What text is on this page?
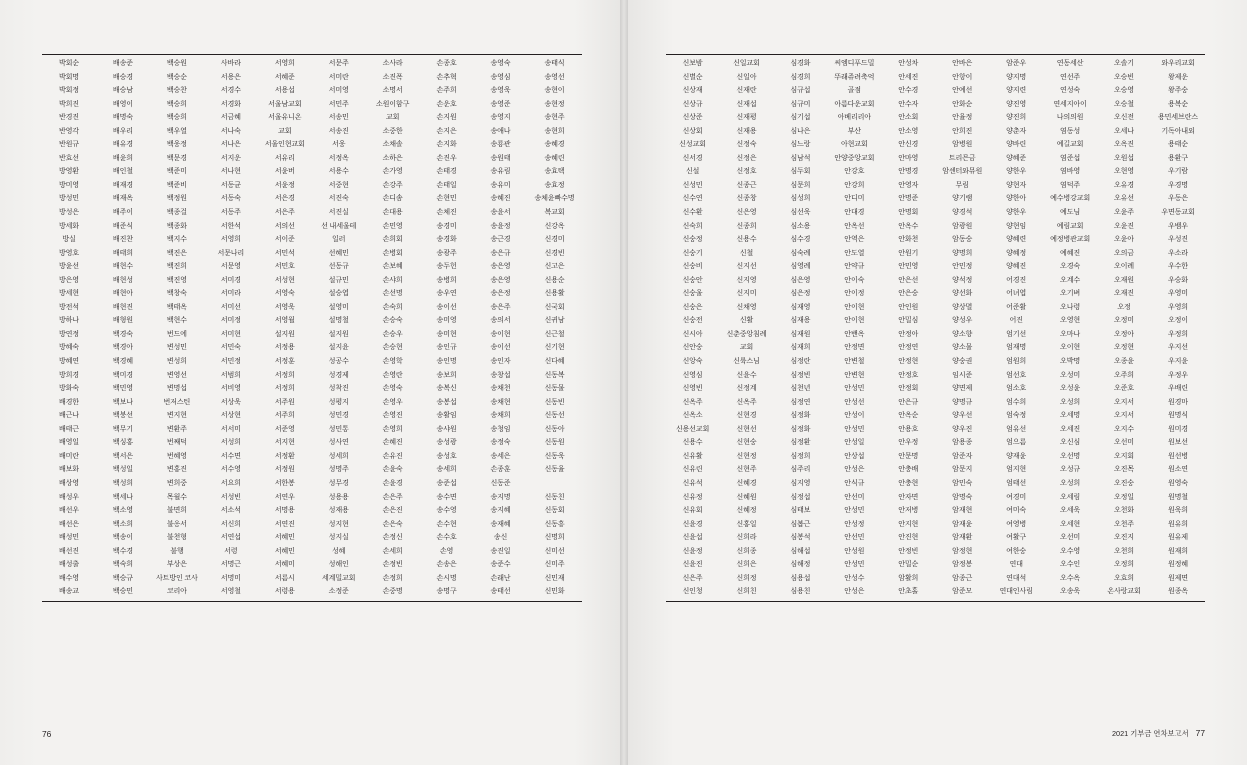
박회순	배송준	백승원	사바라	서영희	서문주	소사라	손종호	송영숙	송태식
박회명	배승경	백승순	서용은	서혜준	서미란	소진폭	손추혁	송영심	송영선
박회정	배승남	백승찬	서경수	서용섭	서미영	소명서	손주희	송영욱	송현이
박희진	배영이	백승희	서경화	서울남교회	서민주	소원이함구	손운호	송영준	송현정
반경진	배명숙	백승희	서금혜	서울유니온	서송민	교회	손지원	송영지	송현주
반영각	배우리	백우열	서나숙	교회	서송진	소중한	손지은	송애나	송현희
반원규	배유경	백웅정	서나은	서울인현교회	서웅	소채솔	손지화	송룡관	송혜경
반효선	배윤희	백문경	서지운	서유리	서정옥	소하은	손진우	송원태	송혜린
방영환	배인철	백준미	서나현	서윤버	서용수	손가영	손태경	송유림	송효택
방미영	배재경	백준비	서동균	서윤정	서중현	손강주	손태일	송유미	송효정
방성민	배재옥	백정원	서동숙	서은경	서진숙	손디솜	손현민	송혜진	송체윤빠수명
방성은	배주이	백종걸	서동주	서은주	서진실	손대용	손체진	송윤서	복교회
방세화	배준식	백종화	서한석	서의선	선 내세울테	손민영	송경미	송윤정	신강옥
방실	배진찬	백지수	서영희	서이준	일러	손희회	송경화	송근경	신경미
방영호	배태희	백진은	서문나리	서민석	선혜민	손병회	송광주	송은규	신경빈
방윤선	배현수	백진희	서문영	서민호	선동규	손보혜	송두헌	송은영	신고은
방은영	배현성	백진영	서미경	서성현	설규민	손샤희	송병희	송은영	신용순
방세현	배현아	백창숙	서미라	서영숙	설승엽	손선명	송우연	송은정	신용활
방전석	배현진	백태옥	서미선	서영욱	설영미	손숙희	송이선	송은주	신국회
방하나	배형원	백현수	서미정	서영월	설명철	손승숙	송미영	송의서	신귀남
방연정	백경숙	번드에	서미현	설지원	설지원	손승우	송미현	송이현	신근철
방혜숙	백경아	변성민	서민숙	서정용	설지윤	손승현	송인규	송이선	신기현
방혜연	백경혜	변성희	서민정	서정훈	성공수	손영학	송인명	송인자	신다혜
방희경	백미경	변영선	서범희	서정희	성경제	손영란	송보희	송창섭	신동복
방화숙	백민영	변명섭	서비영	서정희	성착진	손영숙	송복신	송채천	신동물
배경한	백보나	번저스틴	서상욱	서주원	성평지	손영우	송봉섭	송채현	신동빈
배근나	백붕선	변지현	서상현	서주희	성민경	손영진	송활임	송채희	신동선
배태근	백무기	변환주	서서미	서준영	성민통	손영희	송샤원	송청임	신동아
배영일	백싱홍	번째덕	서성희	서지현	성사연	손혜진	송성광	송정숙	신동원
배미란	백서은	번혜영	서수면	서정환	성세희	손유진	송성호	송세은	신동욱
배보화	백성일	변홍진	서수영	서정원	성명주	손윤숙	송세희	손종훈	신동율
배상영	백성희	변희중	서요희	서한봉	성무경	손윤경	송준섭	신동준	
배성우	백세나	목월수	서성빈	서연우	성용용	손은주	송수면	송지명	신동친
배선우	백소영	불면희	서소석	서명용	성재용	손은진	송수영	송지혜	신동회
배선은	백소희	불옹서	서신희	서연진	성지현	손은숙	손수현	송재혜	신동흥
배성민	백송이	불천형	서연섭	서혜민	성지실	손정신	손수호	송신	신명희
배선진	백수경	불행	서령	서혜민	성혜	손세희	손영	송진일	신미선
배성출	백숙희	부상은	서명근	서혜미	성해인	손정빈	손송은	송준수	신미주
배수영	백승규	사트방인 코사	서명미	서름시	세계밀교회	손정희	손시명	손래난	신민재
배송교	백승민	코리아	서영철	서령용	소정준	손중명	송명구	송태선	신민화
76
신보밤	신일교회	심경화	씨엠디푸드밀	안성차	안바은	암준우	연동세산	오솔기	와우리교회
신별순	신일아	심경희	뚜래쥬려축억	안세진	안항이	양지명	연선주	오승빈	왕제운
신상재	신재란	심규섭	골점	안수경	안예선	양지련	연성숙	오승영	왕주숭
신상규	신재섭	심규미	아름다운교회	안수자	안화순	양진영	연세지아이	오승철	용복순
신상준	신재평	심기섭	아베리리아	안소회	안율정	양진희	나의의원	오신전	용민세브란스
신상회	신재용	심나은	부산	안소영	안희진	양춘자	염동성	오세나	기독아내외
신성교회	신정숙	심느랑	아현교회	안신경	암병원	양바린	예길교회	오옥진	용태순
신서경	신정은	심남석	안양중앙교회	안마영	트리믄금	양혜준	염준섭	오원섭	용환구
신설	신정호	심두회	안강호	안명경	암센터와뮤원	양한우	염바영	오현영	우기람
신성민	신종근	심문희	안강희	안영자	무림	양현자	염덕주	오유경	우경명
신수연	신종창	심성희	안디미	안명준	양기램	양한아	예수병강교회	오유선	우동은
신수환	신은영	심선욱	안대경	안명회	양경석	양한우	예도님	오윤주	우면동교회
신숙희	신종희	심소용	안옥선	안옥수	암광원	양현임	예림교회	오윤진	우뱀우
신숭정	신용수	심수경	안역은	안화천	암동숭	양혜련	예정병관교회	오윤아	우성진
신숭기	신철	심숙례	안도열	안원기	양명희	양혜정	예혜진	오의금	우소라
신숭비	신지선	심영례	안약규	안민영	안민정	양혜진	오경숙	오이례	우수한
신숭안	신지영	심은영	안이숙	안은선	양석정	어경진	오계수	오재원	우승화
신숭울	신지미	심은정	안이정	안은숭	양선화	어녀엽	오기벼	오재진	우영미
신숭은	신채영	심재영	안이현	안인원	양상멸	어준활	오나령	오정	우영희
신숭전	신활	심재용	안이현	안밀심	양성우	어진	오영현	오정미	오정이
신시아	신춘중앙침례	심재원	안밴옥	안정아	양소향	엄기선	오마나	오정아	우정희
신안숭	교회	심재희	안정면	안정연	양소물	엄재명	오이현	오정현	우지선
신앙숙	신륙스님	심정란	안변철	안정현	양숭권	엄원희	오박명	오종윤	우지윤
신영심	신윤수	심정빈	안변현	안정호	임시준	엄선호	오성미	오주희	우정우
신영빈	신정계	심천년	안성민	안정회	양면제	엄소호	오성윤	오준호	우배린
신옥주	신옥주	심정연	안성선	안은규	양명규	엄수희	오성희	오지서	원경마
신옥소	신현경	심정화	안성이	안옥순	양우선	엄숙정	오세명	오지서	원명식
신용선교회	신현선	심정화	안성민	안용호	양우진	엄유선	오세진	오지수	원미경
신용수	신현숭	심정환	안성일	안우정	암용종	엄으름	오신심	오선미	원보선
신유활	신현정	심정희	안상섭	안문명	암준자	양재윤	오선명	오지회	원선병
신유린	신현주	심주리	안성은	안충배	암문지	엄지현	오성규	오진목	원소연
신유석	신혜경	심지영	안식규	안충현	암민숙	엄태선	오성희	오진숭	원영숙
신유정	신혜원	심정섭	안선미	안자면	암명숙	여경미	오세림	오정일	원명철
신유회	신혜정	심태보	안성민	안저병	암재현	여미숙	오세욱	오천화	원욱희
신윤경	신홍일	심봅근	안성정	안지현	암재윤	여영병	오세현	오천주	원유희
신윤섭	신희라	심봉석	안선민	안진현	암재환	여활구	오선미	오진지	원유제
신윤정	신희종	심해섭	안성원	안정빈	암정현	여한숭	오수영	오천희	원재희
신윤진	신희은	심해정	안성민	안밀순	암정봉	연대	오수인	오정희	원정혜
신은주	신희정	심용섭	안성수	암활희	암종근	연대석	오수옥	오효희	원제면
신인청	신희친	심용친	안성은	안초홀	암준모	연대인사림	오송욱	온사랑교회	원종옥
2021 기부금 연차보고서 77
